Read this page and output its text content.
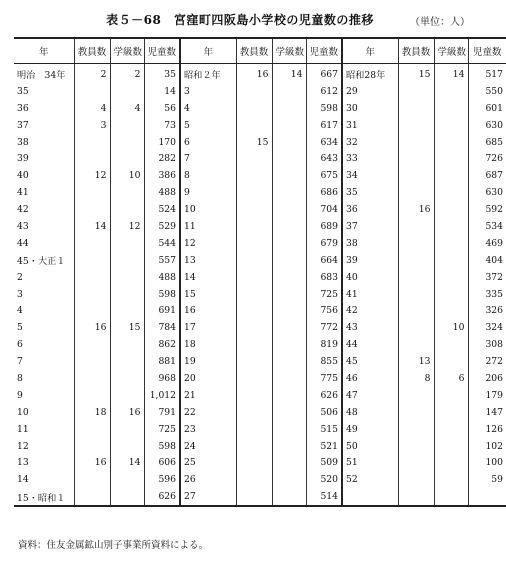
表５－68　宮窪町四阪島小学校の児童数の推移	（単位：人）
年	教員数	学級数	児童数	年	教員数	学級数	児童数	年	教員数	学級数	児童数
明治　34年	2	2	35	昭和２年	16	14	667	昭和28年	15	14	517
35			14	3			612	29			550
36	4	4	56	4			598	30			601
37	3		73	5			617	31			630
38			170	6	15		634	32			685
39			282	7			643	33			726
40	12	10	386	8			675	34			687
41			488	9			686	35			630
42			524	10			704	36	16		592
43	14	12	529	11			689	37			534
44			544	12			679	38			469
45・大正１			557	13			664	39			404
2			488	14			683	40			372
3			598	15			725	41			335
4			691	16			756	42			326
5	16	15	784	17			772	43		10	324
6			862	18			819	44			308
7			881	19			855	45	13		272
8			968	20			775	46	8	6	206
9			1,012	21			626	47			179
10	18	16	791	22			506	48			147
11			725	23			515	49			126
12			598	24			521	50			102
13	16	14	606	25			509	51			100
14			596	26			520	52			59
15・昭和１			626	27			514				
資料：住友金属鉱山別子事業所資料による。
